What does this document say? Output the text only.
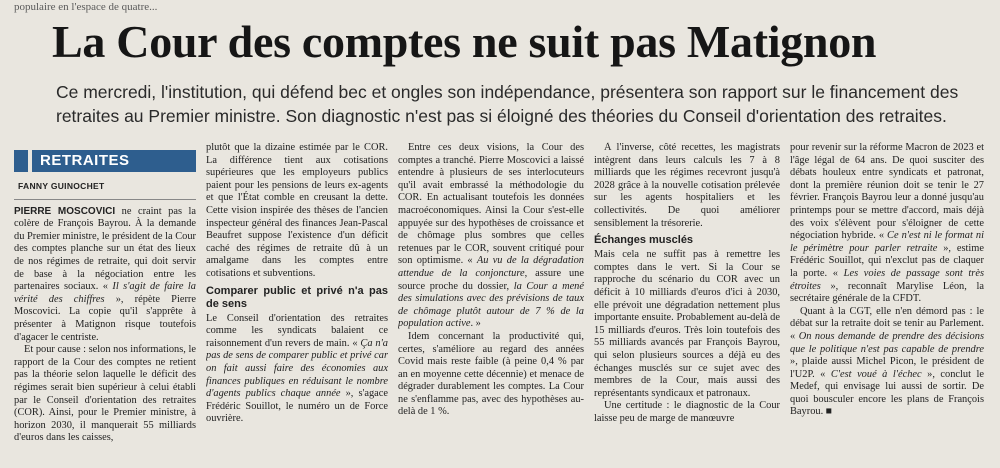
populaire en l'espace de quatre...
La Cour des comptes ne suit pas Matignon
Ce mercredi, l'institution, qui défend bec et ongles son indépendance, présentera son rapport sur le financement des retraites au Premier ministre. Son diagnostic n'est pas si éloigné des théories du Conseil d'orientation des retraites.
RETRAITES
FANNY GUINOCHET

PIERRE MOSCOVICI ne craint pas la colère de François Bayrou. À la demande du Premier ministre, le président de la Cour des comptes planche sur un état des lieux de nos régimes de retraite, qui doit servir de base à la négociation entre les partenaires sociaux. « Il s'agit de faire la vérité des chiffres », répète Pierre Moscovici. La copie qu'il s'apprête à présenter à Matignon risque toutefois d'agacer le centriste.

Et pour cause : selon nos informations, le rapport de la Cour des comptes ne retient pas la théorie selon laquelle le déficit des régimes serait bien supérieur à celui établi par le Conseil d'orientation des retraites (COR). Ainsi, pour le Premier ministre, à horizon 2030, il manquerait 55 milliards d'euros dans les caisses,

plutôt que la dizaine estimée par le COR. La différence tient aux cotisations supérieures que les employeurs publics paient pour les pensions de leurs ex-agents et que l'État comble en creusant la dette. Cette vision inspirée des thèses de l'ancien inspecteur général des finances Jean-Pascal Beaufret suppose l'existence d'un déficit caché des régimes de retraite dû à un amalgame dans les comptes entre cotisations et subventions.

Comparer public et privé n'a pas de sens

Le Conseil d'orientation des retraites comme les syndicats balaient ce raisonnement d'un revers de main. « Ça n'a pas de sens de comparer public et privé car on fait aussi faire des économies aux finances publiques en réduisant le nombre d'agents publics chaque année », s'agace Frédéric Souillot, le numéro un de Force ouvrière.

Entre ces deux visions, la Cour des comptes a tranché. Pierre Moscovici a laissé entendre à plusieurs de ses interlocuteurs qu'il avait embrassé la méthodologie du COR. En actualisant toutefois les données macroéconomiques. Ainsi la Cour s'est-elle appuyée sur des hypothèses de croissance et de chômage plus sombres que celles retenues par le COR, souvent critiqué pour son optimisme. « Au vu de la dégradation attendue de la conjoncture, assure une source proche du dossier, la Cour a mené des simulations avec des prévisions de taux de chômage plutôt autour de 7 % de la population active. »

Idem concernant la productivité qui, certes, s'améliore au regard des années Covid mais reste faible (à peine 0,4 % par an en moyenne cette décennie) et menace de dégrader durablement les comptes. La Cour ne s'enflamme pas, avec des hypothèses au-delà de 1 %.

À l'inverse, côté recettes, les magistrats intègrent dans leurs calculs les 7 à 8 milliards que les régimes recevront jusqu'à 2028 grâce à la nouvelle cotisation prélevée sur les agents hospitaliers et les collectivités. De quoi améliorer sensiblement la trésorerie.

Échanges musclés

Mais cela ne suffit pas à remettre les comptes dans le vert. Si la Cour se rapproche du scénario du COR avec un déficit à 10 milliards d'euros d'ici à 2030, elle prévoit une dégradation nettement plus importante ensuite. Probablement au-delà de 15 milliards d'euros. Très loin toutefois des 55 milliards avancés par François Bayrou, qui selon plusieurs sources a déjà eu des échanges musclés sur ce sujet avec des membres de la Cour, mais aussi des représentants syndicaux et patronaux.

Une certitude : le diagnostic de la Cour laisse peu de marge de manœuvre

pour revenir sur la réforme Macron de 2023 et l'âge légal de 64 ans. De quoi susciter des débats houleux entre syndicats et patronat, dont la première réunion doit se tenir le 27 février. François Bayrou leur a donné jusqu'au printemps pour se mettre d'accord, mais déjà des voix s'élèvent pour s'éloigner de cette négociation hybride. « Ce n'est ni le format ni le périmètre pour parler retraite », estime Frédéric Souillot, qui n'exclut pas de claquer la porte. « Les voies de passage sont très étroites », reconnaît Marylise Léon, la secrétaire générale de la CFDT.

Quant à la CGT, elle n'en démord pas : le débat sur la retraite doit se tenir au Parlement. « On nous demande de prendre des décisions que le politique n'est pas capable de prendre », plaide aussi Michel Picon, le président de l'U2P. « C'est voué à l'échec », conclut le Medef, qui envisage lui aussi de sortir. De quoi bousculer encore les plans de François Bayrou. ■
